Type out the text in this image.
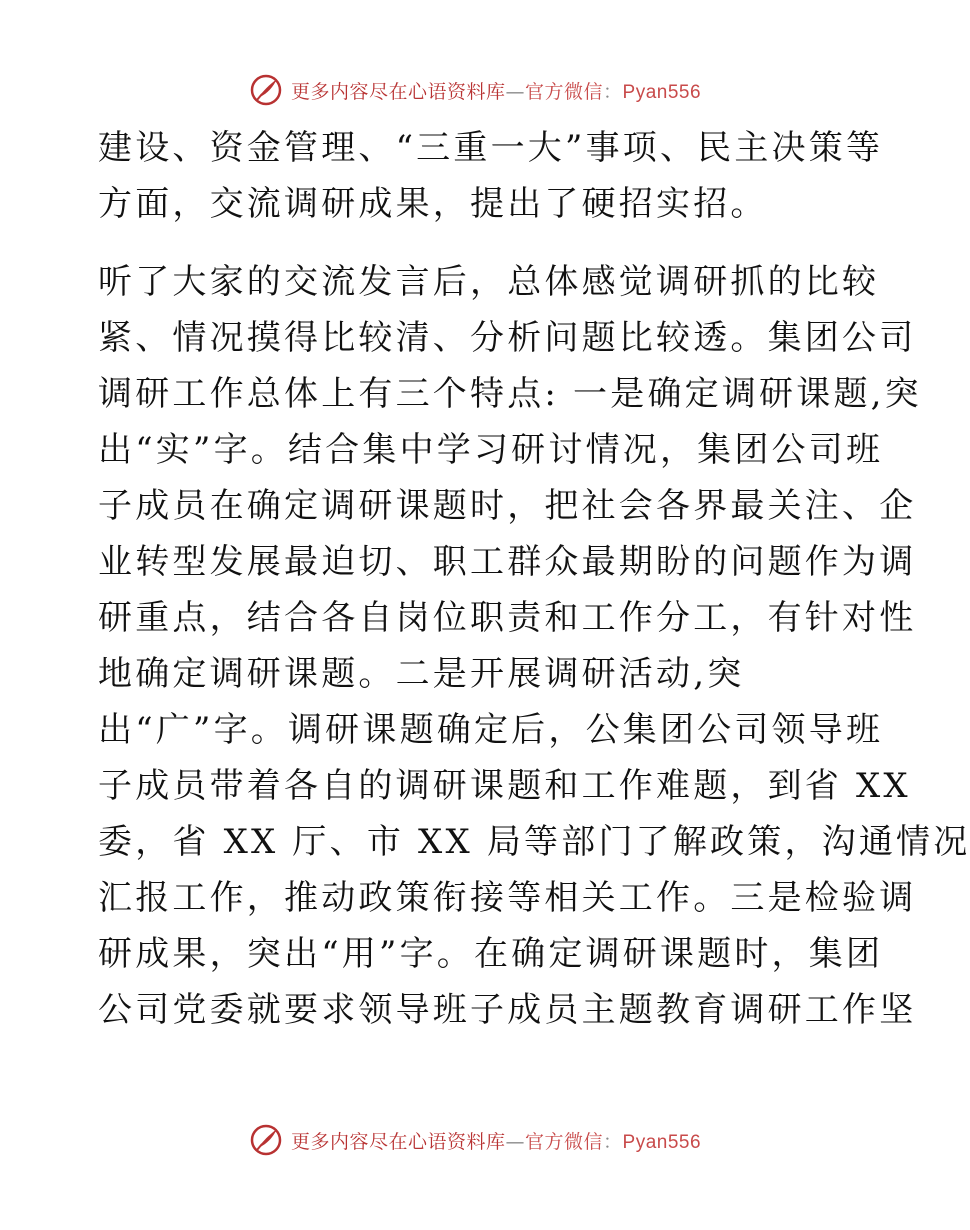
更多内容尽在心语资料库—官方微信：Pyan556
建设、资金管理、“三重一大”事项、民主决策等
方面，交流调研成果，提出了硬招实招。
听了大家的交流发言后，总体感觉调研抓的比较
紧、情况摸得比较清、分析问题比较透。集团公司
调研工作总体上有三个特点: 一是确定调研课题,突
出“实”字。结合集中学习研讨情况，集团公司班
子成员在确定调研课题时，把社会各界最关注、企
业转型发展最迫切、职工群众最期盼的问题作为调
研重点，结合各自岗位职责和工作分工，有针对性
地确定调研课题。二是开展调研活动,突
出“广”字。调研课题确定后，公集团公司领导班
子成员带着各自的调研课题和工作难题，到省 XX
委，省 XX 厅、市 XX 局等部门了解政策，沟通情况
汇报工作，推动政策衔接等相关工作。三是检验调
研成果，突出“用”字。在确定调研课题时，集团
公司党委就要求领导班子成员主题教育调研工作坚
更多内容尽在心语资料库—官方微信：Pyan556
